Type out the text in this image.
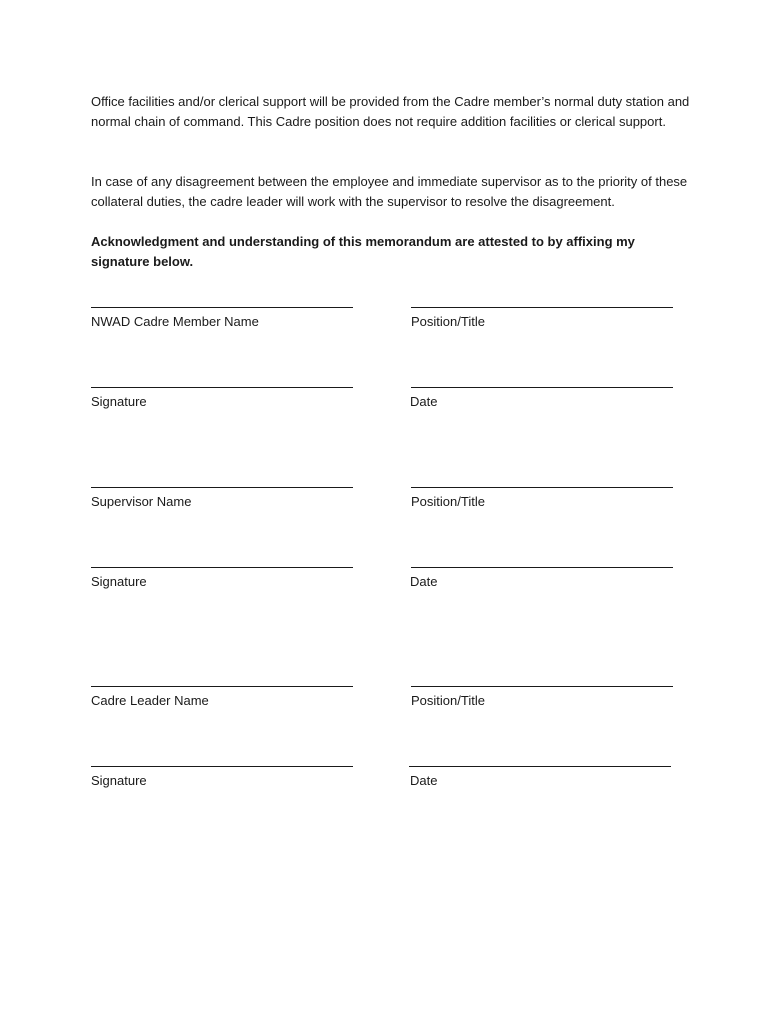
Office facilities and/or clerical support will be provided from the Cadre member’s normal duty station and normal chain of command. This Cadre position does not require addition facilities or clerical support.

In case of any disagreement between the employee and immediate supervisor as to the priority of these collateral duties, the cadre leader will work with the supervisor to resolve the disagreement.

Acknowledgment and understanding of this memorandum are attested to by affixing my signature below.

NWAD Cadre Member Name	Position/Title
Signature	Date
Supervisor Name	Position/Title
Signature	Date
Cadre Leader Name	Position/Title
Signature	Date
